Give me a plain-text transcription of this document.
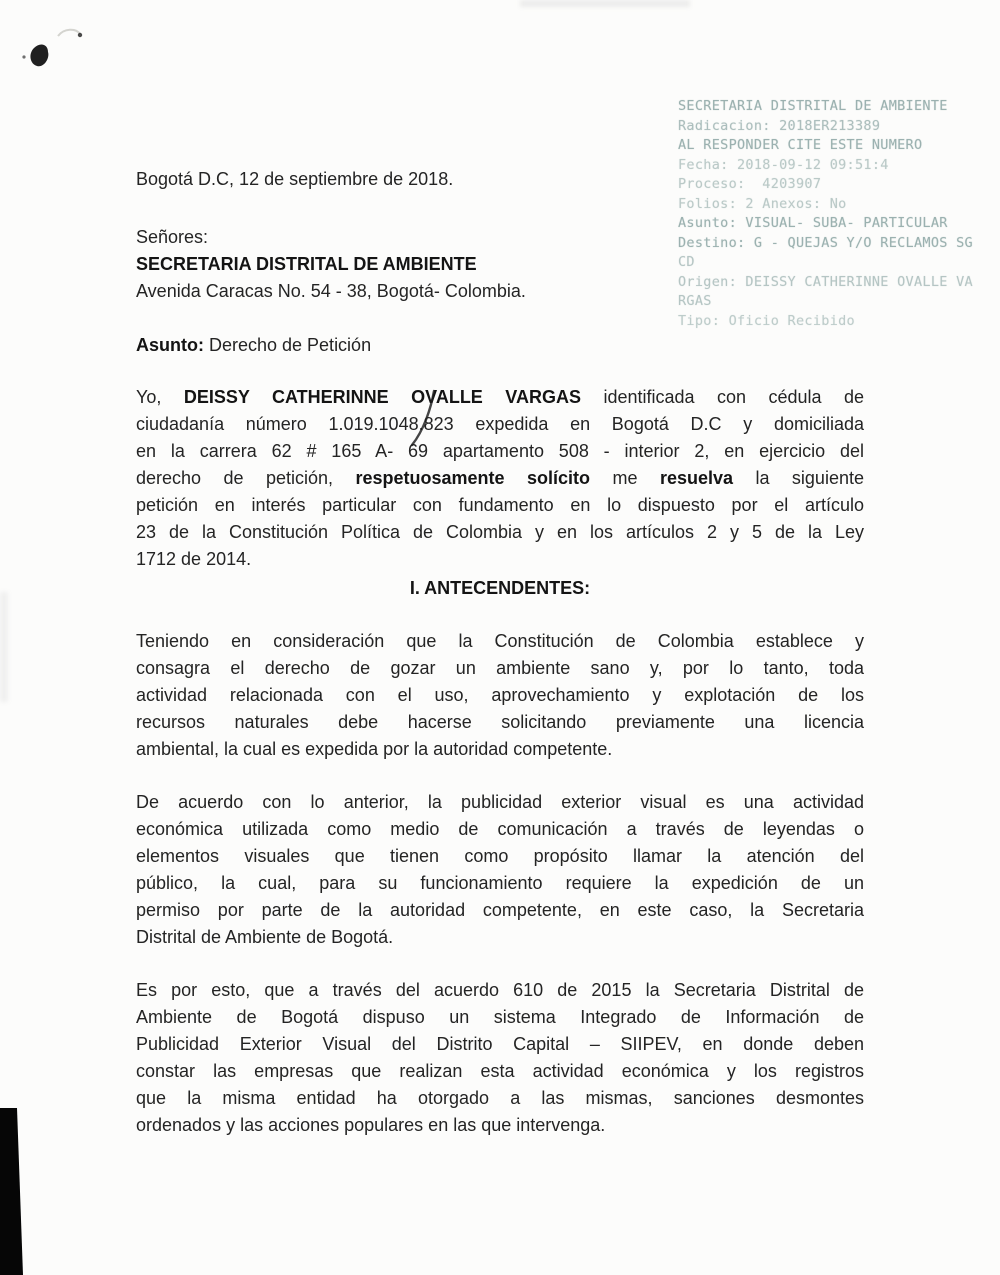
SECRETARIA DISTRITAL DE AMBIENTE
Radicacion: 2018ER213389
AL RESPONDER CITE ESTE NUMERO
Fecha: 2018-09-12 09:51:4
Proceso:  4203907
Folios: 2 Anexos: No
Asunto: VISUAL- SUBA- PARTICULAR
Destino: G - QUEJAS Y/O RECLAMOS SG
CD
Origen: DEISSY CATHERINNE OVALLE VA
RGAS
Tipo: Oficio Recibido
Bogotá D.C, 12 de septiembre de 2018.
Señores:
SECRETARIA DISTRITAL DE AMBIENTE
Avenida Caracas No. 54 - 38, Bogotá- Colombia.
Asunto: Derecho de Petición
Yo, DEISSY CATHERINNE OVALLE VARGAS identificada con cédula de
ciudadanía número 1.019.1048.823 expedida en Bogotá D.C y domiciliada
en la carrera 62 # 165 A- 69 apartamento 508 - interior 2, en ejercicio del
derecho de petición, respetuosamente solícito me resuelva la siguiente
petición en interés particular con fundamento en lo dispuesto por el artículo
23 de la Constitución Política de Colombia y en los artículos 2 y 5 de la Ley
1712 de 2014.
I. ANTECENDENTES:
Teniendo en consideración que la Constitución de Colombia establece y
consagra el derecho de gozar un ambiente sano y, por lo tanto, toda
actividad relacionada con el uso, aprovechamiento y explotación de los
recursos naturales debe hacerse solicitando previamente una licencia
ambiental, la cual es expedida por la autoridad competente.
De acuerdo con lo anterior, la publicidad exterior visual es una actividad
económica utilizada como medio de comunicación a través de leyendas o
elementos visuales que tienen como propósito llamar la atención del
público, la cual, para su funcionamiento requiere la expedición de un
permiso por parte de la autoridad competente, en este caso, la Secretaria
Distrital de Ambiente de Bogotá.
Es por esto, que a través del acuerdo 610 de 2015 la Secretaria Distrital de
Ambiente de Bogotá dispuso un sistema Integrado de Información de
Publicidad Exterior Visual del Distrito Capital – SIIPEV, en donde deben
constar las empresas que realizan esta actividad económica y los registros
que la misma entidad ha otorgado a las mismas, sanciones desmontes
ordenados y las acciones populares en las que intervenga.
